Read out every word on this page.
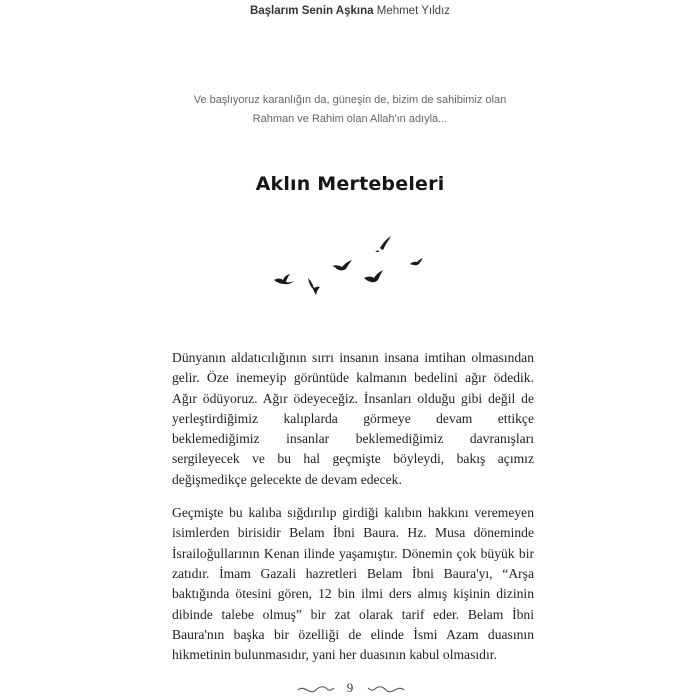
Başlarım Senin Aşkına Mehmet Yıldız
Ve başlıyoruz karanlığın da, güneşin de, bizim de sahibimiz olan
Rahman ve Rahim olan Allah'ın adıyla...
Aklın Mertebeleri

Dünyanın aldatıcılığının sırrı insanın insana imtihan olmasından gelir. Öze inemeyip görüntüde kalmanın bedelini ağır ödedik. Ağır ödüyoruz. Ağır ödeyeceğiz. İnsanları olduğu gibi değil de yerleştirdiğimiz kalıplarda görmeye devam ettikçe beklemediğimiz insanlar beklemediğimiz davranışları sergileyecek ve bu hal geçmişte böyleydi, bakış açımız değişmedikçe gelecekte de devam edecek.

Geçmişte bu kalıba sığdırılıp girdiği kalıbın hakkını veremeyen isimlerden birisidir Belam İbni Baura. Hz. Musa döneminde İsrailoğullarının Kenan ilinde yaşamıştır. Dönemin çok büyük bir zatıdır. İmam Gazali hazretleri Belam İbni Baura'yı, “Arşa baktığında ötesini gören, 12 bin ilmi ders almış kişinin dizinin dibinde talebe olmuş” bir zat olarak tarif eder. Belam İbni Baura'nın başka bir özelliği de elinde İsmi Azam duasının hikmetinin bulunmasıdır, yani her duasının kabul olmasıdır.

9
